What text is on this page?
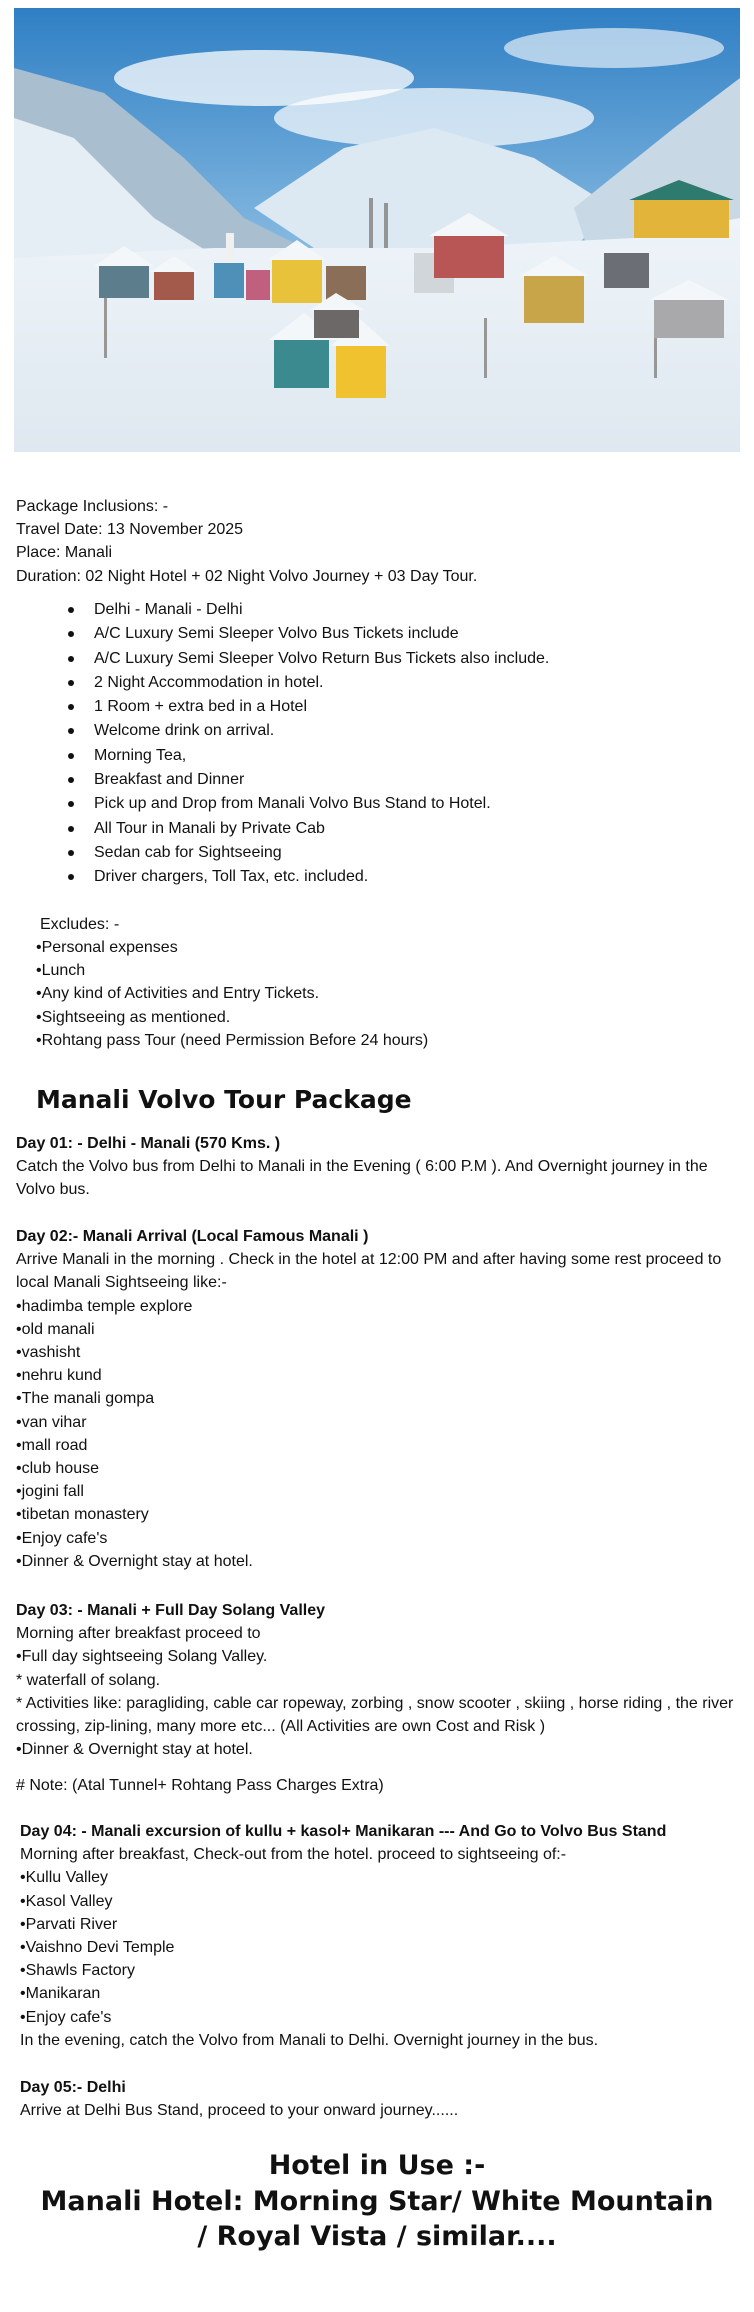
Package Inclusions: -
Travel Date: 13 November 2025
Place: Manali
Duration: 02 Night Hotel + 02 Night Volvo Journey + 03 Day Tour.
Delhi - Manali - Delhi
A/C Luxury Semi Sleeper Volvo Bus Tickets include
A/C Luxury Semi Sleeper Volvo Return Bus Tickets also include.
2 Night Accommodation in hotel.
1 Room + extra bed in a Hotel
Welcome drink on arrival.
Morning Tea,
Breakfast and Dinner
Pick up and Drop from Manali Volvo Bus Stand to Hotel.
All Tour in Manali by Private Cab
Sedan cab for Sightseeing
Driver chargers, Toll Tax, etc. included.
Excludes: -
•Personal expenses
•Lunch
•Any kind of Activities and Entry Tickets.
•Sightseeing as mentioned.
•Rohtang pass Tour (need Permission Before 24 hours)
Manali Volvo Tour Package
Day 01: - Delhi - Manali (570 Kms. )

Catch the Volvo bus from Delhi to Manali in the Evening ( 6:00 P.M ). And Overnight journey in the Volvo bus.

Day 02:- Manali Arrival (Local Famous Manali )

Arrive Manali in the morning . Check in the hotel at 12:00 PM and after having some rest proceed to local Manali Sightseeing like:-

•hadimba temple explore
•old manali
•vashisht
•nehru kund
•The manali gompa
•van vihar
•mall road
•club house
•jogini fall
•tibetan monastery
•Enjoy cafe's
•Dinner & Overnight stay at hotel.
Day 03: - Manali + Full Day Solang Valley

Morning after breakfast proceed to

•Full day sightseeing Solang Valley.

* waterfall of solang.

* Activities like: paragliding, cable car ropeway, zorbing , snow scooter , skiing , horse riding , the river crossing, zip-lining, many more etc... (All Activities are own Cost and Risk )

•Dinner & Overnight stay at hotel.

# Note: (Atal Tunnel+ Rohtang Pass Charges Extra)
Day 04: - Manali excursion of kullu + kasol+ Manikaran --- And Go to Volvo Bus Stand

Morning after breakfast, Check-out from the hotel. proceed to sightseeing of:-

•Kullu Valley
•Kasol Valley
•Parvati River
•Vaishno Devi Temple
•Shawls Factory
•Manikaran
•Enjoy cafe's

In the evening, catch the Volvo from Manali to Delhi. Overnight journey in the bus.

Day 05:- Delhi

Arrive at Delhi Bus Stand, proceed to your onward journey......

Hotel in Use :-
Manali Hotel: Morning Star/ White Mountain / Royal Vista / similar....
